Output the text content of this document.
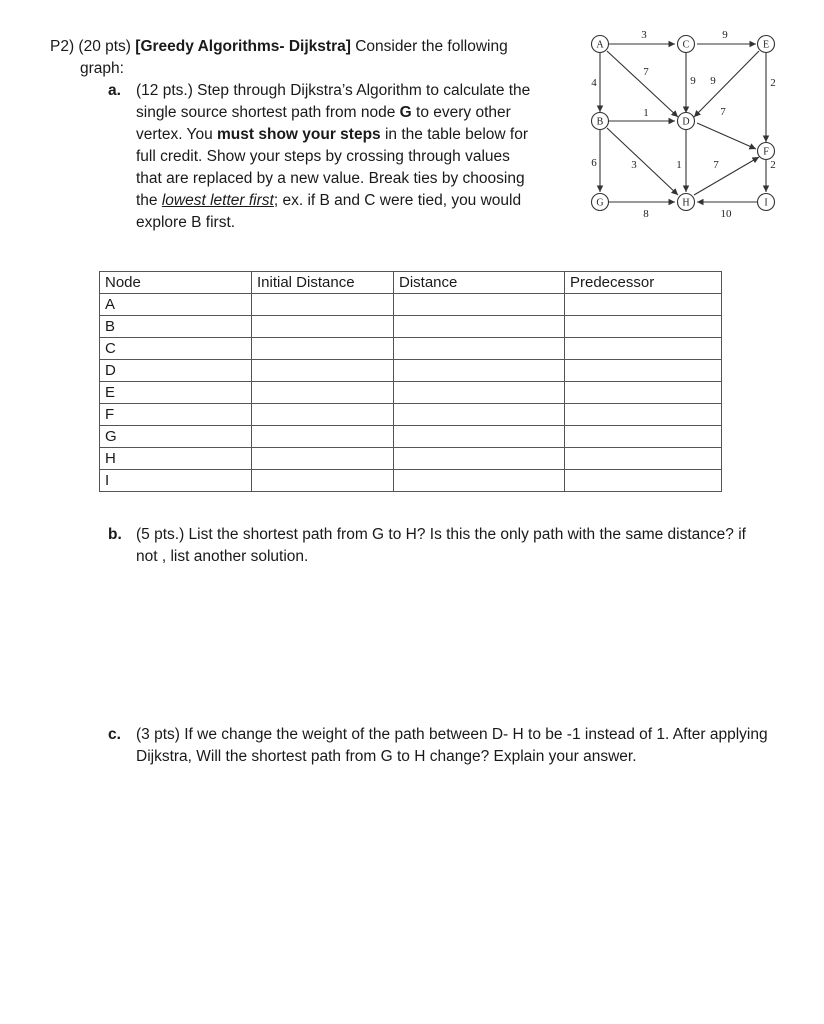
P2) (20 pts) [Greedy Algorithms- Dijkstra] Consider the following
graph:
a. (12 pts.) Step through Dijkstra’s Algorithm to calculate the single source shortest path from node G to every other vertex. You must show your steps in the table below for full credit. Show your steps by crossing through values that are replaced by a new value. Break ties by choosing the lowest letter first; ex. if B and C were tied, you would explore B first.
A	C	E
B	D
F
G	H	I
3	9
4
7
9 9	2
1	7
6	3	1	7	2
8	10
Node	Initial Distance	Distance	Predecessor
A			
B			
C			
D			
E			
F			
G			
H			
I			
b. (5 pts.) List the shortest path from G to H? Is this the only path with the same distance? if not , list another solution.
c. (3 pts) If we change the weight of the path between D- H to be -1 instead of 1. After applying Dijkstra, Will the shortest path from G to H change? Explain your answer.
